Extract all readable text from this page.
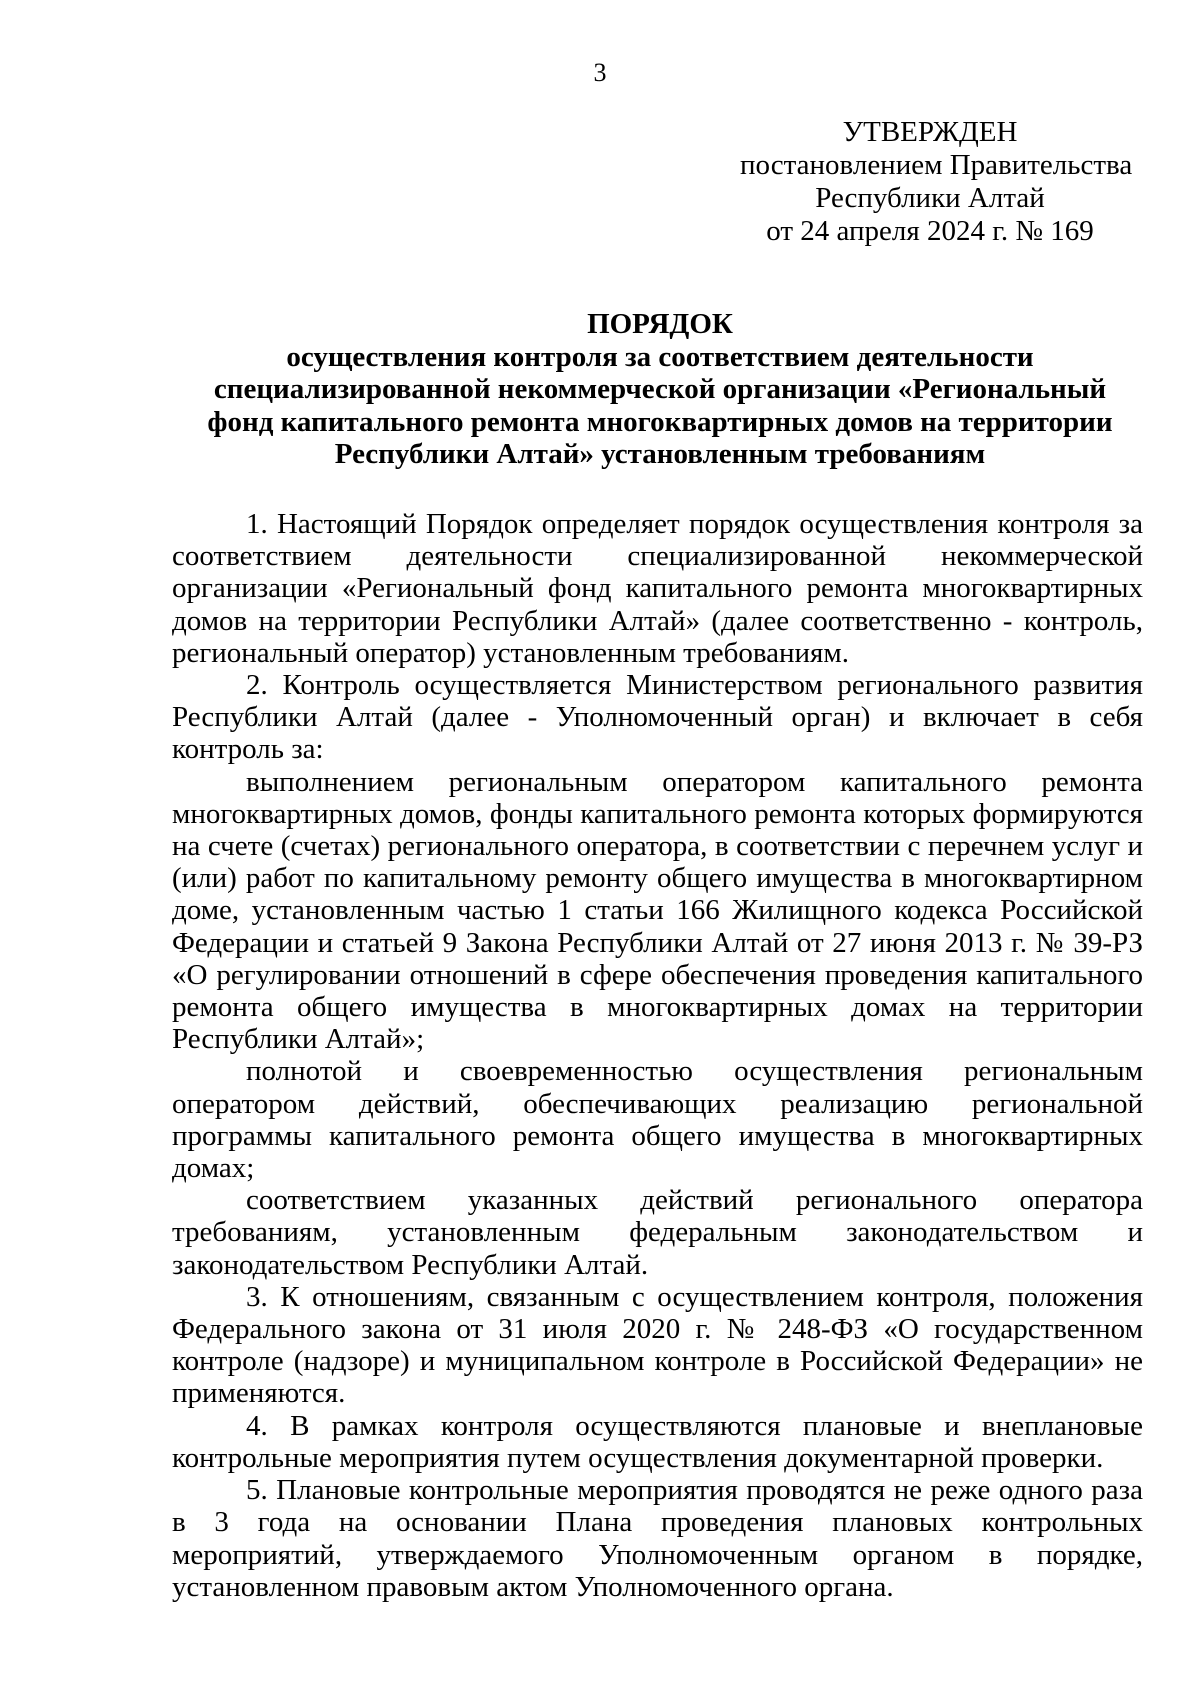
3
УТВЕРЖДЕН
постановлением Правительства
Республики Алтай
от 24 апреля 2024 г. № 169
ПОРЯДОК
осуществления контроля за соответствием деятельности специализированной некоммерческой организации «Региональный фонд капитального ремонта многоквартирных домов на территории Республики Алтай» установленным требованиям

1. Настоящий Порядок определяет порядок осуществления контроля за соответствием деятельности специализированной некоммерческой организации «Региональный фонд капитального ремонта многоквартирных домов на территории Республики Алтай» (далее соответственно - контроль, региональный оператор) установленным требованиям.

2. Контроль осуществляется Министерством регионального развития Республики Алтай (далее - Уполномоченный орган) и включает в себя контроль за:

выполнением региональным оператором капитального ремонта многоквартирных домов, фонды капитального ремонта которых формируются на счете (счетах) регионального оператора, в соответствии с перечнем услуг и (или) работ по капитальному ремонту общего имущества в многоквартирном доме, установленным частью 1 статьи 166 Жилищного кодекса Российской Федерации и статьей 9 Закона Республики Алтай от 27 июня 2013 г. № 39-РЗ «О регулировании отношений в сфере обеспечения проведения капитального ремонта общего имущества в многоквартирных домах на территории Республики Алтай»;

полнотой и своевременностью осуществления региональным оператором действий, обеспечивающих реализацию региональной программы капитального ремонта общего имущества в многоквартирных домах;

соответствием указанных действий регионального оператора требованиям, установленным федеральным законодательством и законодательством Республики Алтай.

3. К отношениям, связанным с осуществлением контроля, положения Федерального закона от 31 июля 2020 г. № 248-ФЗ «О государственном контроле (надзоре) и муниципальном контроле в Российской Федерации» не применяются.

4. В рамках контроля осуществляются плановые и внеплановые контрольные мероприятия путем осуществления документарной проверки.

5. Плановые контрольные мероприятия проводятся не реже одного раза в 3 года на основании Плана проведения плановых контрольных мероприятий, утверждаемого Уполномоченным органом в порядке, установленном правовым актом Уполномоченного органа.
